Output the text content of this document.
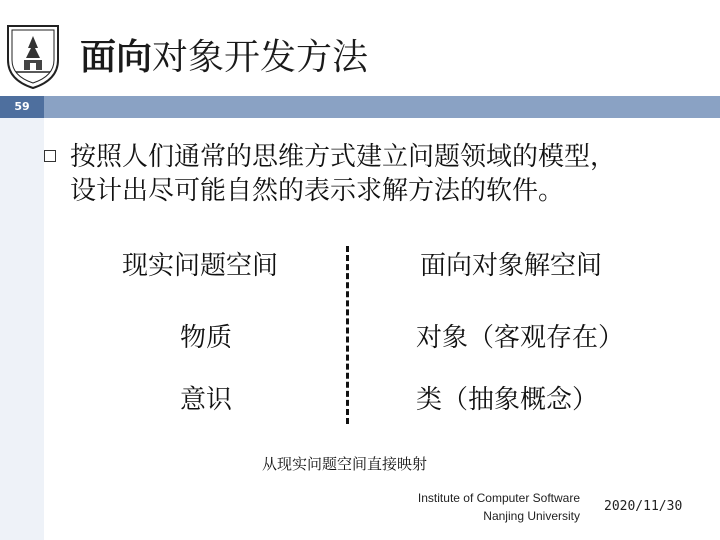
面向对象开发方法
59
按照人们通常的思维方式建立问题领域的模型，
设计出尽可能自然的表示求解方法的软件。
现实问题空间	面向对象解空间
物质	对象（客观存在）
意识	类（抽象概念）
从现实问题空间直接映射
Institute of Computer Software
Nanjing University
2020/11/30
